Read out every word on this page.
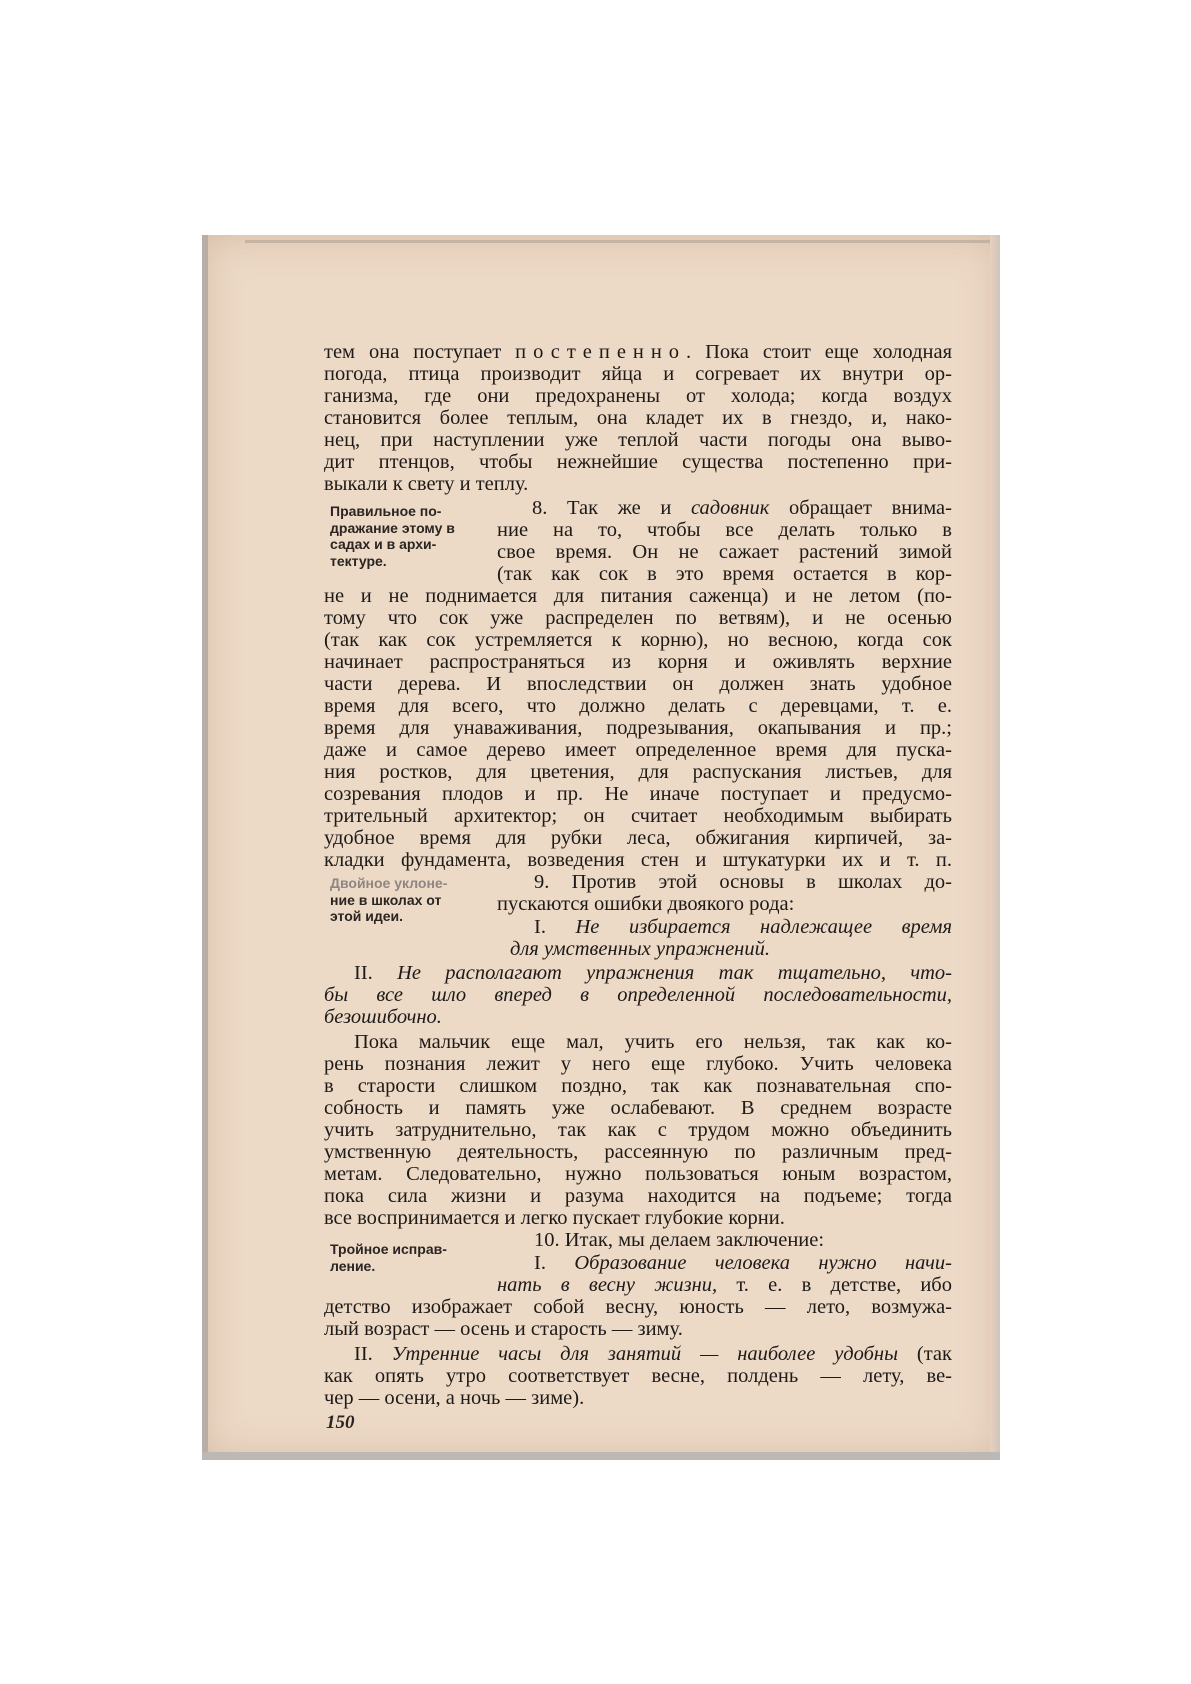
тем она поступает постепенно. Пока стоит еще холодная
погода, птица производит яйца и согревает их внутри ор-
ганизма, где они предохранены от холода; когда воздух
становится более теплым, она кладет их в гнездо, и, нако-
нец, при наступлении уже теплой части погоды она выво-
дит птенцов, чтобы нежнейшие существа постепенно при-
выкали к свету и теплу.
Правильное по-
дражание этому в
садах и в архи-
тектуре.
8. Так же и садовник обращает внима-
ние на то, чтобы все делать только в
свое время. Он не сажает растений зимой
(так как сок в это время остается в кор-
не и не поднимается для питания саженца) и не летом (по-
тому что сок уже распределен по ветвям), и не осенью
(так как сок устремляется к корню), но весною, когда сок
начинает распространяться из корня и оживлять верхние
части дерева. И впоследствии он должен знать удобное
время для всего, что должно делать с деревцами, т. е.
время для унаваживания, подрезывания, окапывания и пр.;
даже и самое дерево имеет определенное время для пуска-
ния ростков, для цветения, для распускания листьев, для
созревания плодов и пр. Не иначе поступает и предусмо-
трительный архитектор; он считает необходимым выбирать
удобное время для рубки леса, обжигания кирпичей, за-
кладки фундамента, возведения стен и штукатурки их и т. п.
Двойное уклоне-
ние в школах от
этой идеи.
9. Против этой основы в школах до-
пускаются ошибки двоякого рода:
I. Не избирается надлежащее время
для умственных упражнений.
II. Не располагают упражнения так тщательно, что-
бы все шло вперед в определенной последовательности,
безошибочно.
Пока мальчик еще мал, учить его нельзя, так как ко-
рень познания лежит у него еще глубоко. Учить человека
в старости слишком поздно, так как познавательная спо-
собность и память уже ослабевают. В среднем возрасте
учить затруднительно, так как с трудом можно объединить
умственную деятельность, рассеянную по различным пред-
метам. Следовательно, нужно пользоваться юным возрастом,
пока сила жизни и разума находится на подъеме; тогда
все воспринимается и легко пускает глубокие корни.
Тройное исправ-
ление.
10. Итак, мы делаем заключение:
I. Образование человека нужно начи-
нать в весну жизни, т. е. в детстве, ибо
детство изображает собой весну, юность — лето, возмужа-
лый возраст — осень и старость — зиму.
II. Утренние часы для занятий — наиболее удобны (так
как опять утро соответствует весне, полдень — лету, ве-
чер — осени, а ночь — зиме).
150
